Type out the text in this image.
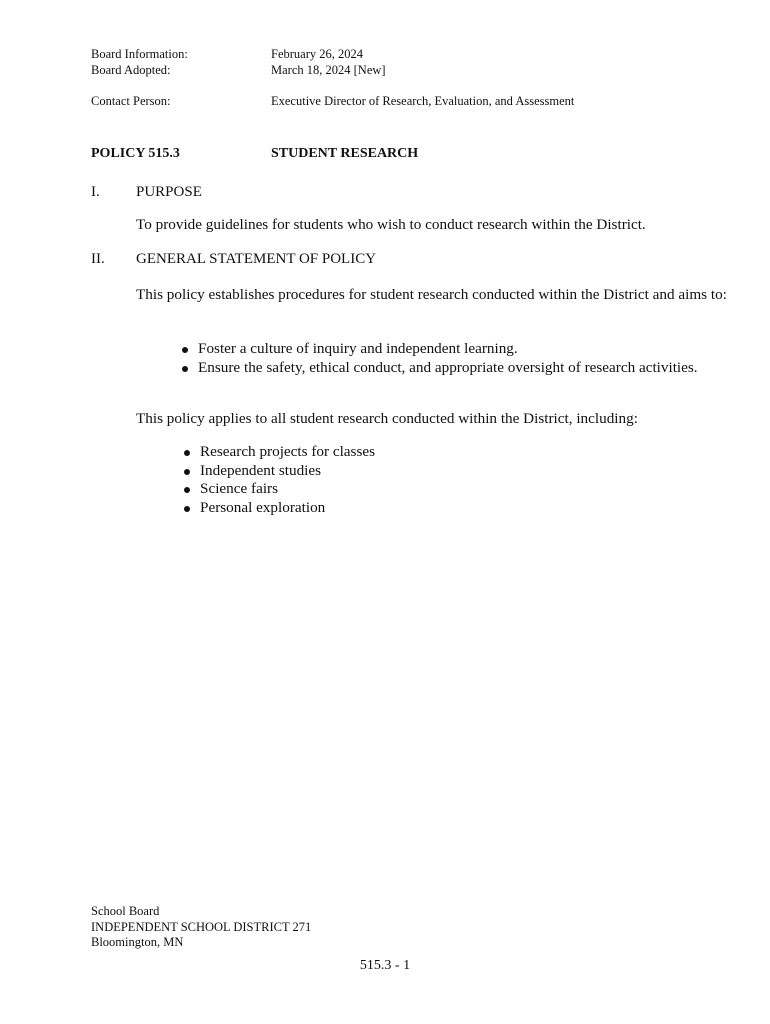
Board Information:	February 26, 2024
Board Adopted:	March 18, 2024 [New]
Contact Person:	Executive Director of Research, Evaluation, and Assessment
POLICY 515.3	STUDENT RESEARCH
I. PURPOSE
To provide guidelines for students who wish to conduct research within the District.
II. GENERAL STATEMENT OF POLICY
This policy establishes procedures for student research conducted within the District and aims to:
Foster a culture of inquiry and independent learning.
Ensure the safety, ethical conduct, and appropriate oversight of research activities.
This policy applies to all student research conducted within the District, including:
Research projects for classes
Independent studies
Science fairs
Personal exploration
School Board
INDEPENDENT SCHOOL DISTRICT 271
Bloomington, MN
515.3 - 1
